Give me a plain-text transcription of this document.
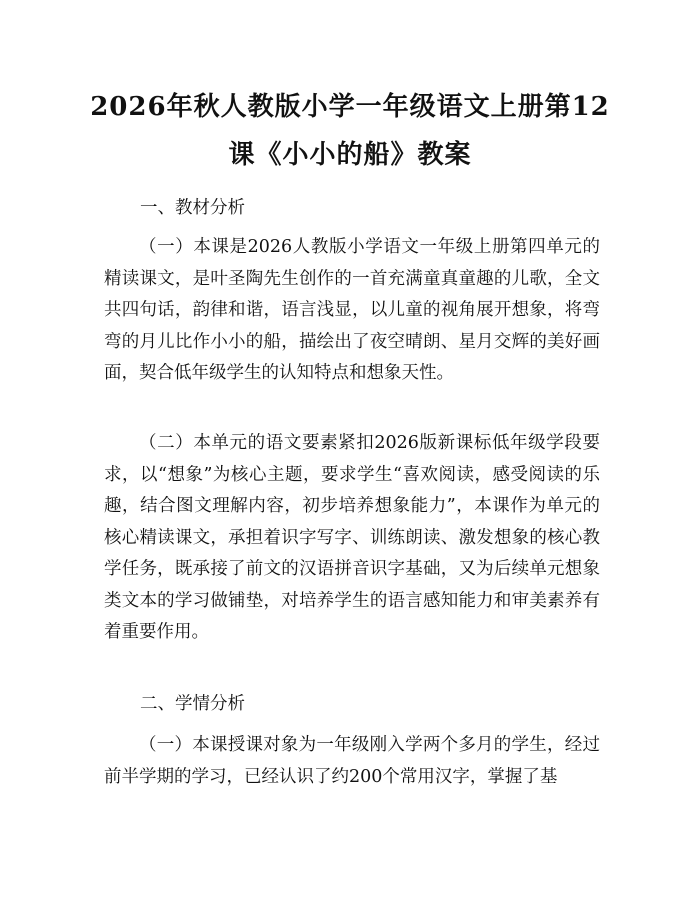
2026年秋人教版小学一年级语文上册第12
课《小小的船》教案
一、教材分析
（一）本课是2026人教版小学语文一年级上册第四单元的精读课文，是叶圣陶先生创作的一首充满童真童趣的儿歌，全文共四句话，韵律和谐，语言浅显，以儿童的视角展开想象，将弯弯的月儿比作小小的船，描绘出了夜空晴朗、星月交辉的美好画面，契合低年级学生的认知特点和想象天性。
（二）本单元的语文要素紧扣2026版新课标低年级学段要求，以“想象”为核心主题，要求学生“喜欢阅读，感受阅读的乐趣，结合图文理解内容，初步培养想象能力”，本课作为单元的核心精读课文，承担着识字写字、训练朗读、激发想象的核心教学任务，既承接了前文的汉语拼音识字基础，又为后续单元想象类文本的学习做铺垫，对培养学生的语言感知能力和审美素养有着重要作用。
二、学情分析
（一）本课授课对象为一年级刚入学两个多月的学生，经过前半学期的学习，已经认识了约200个常用汉字，掌握了基
